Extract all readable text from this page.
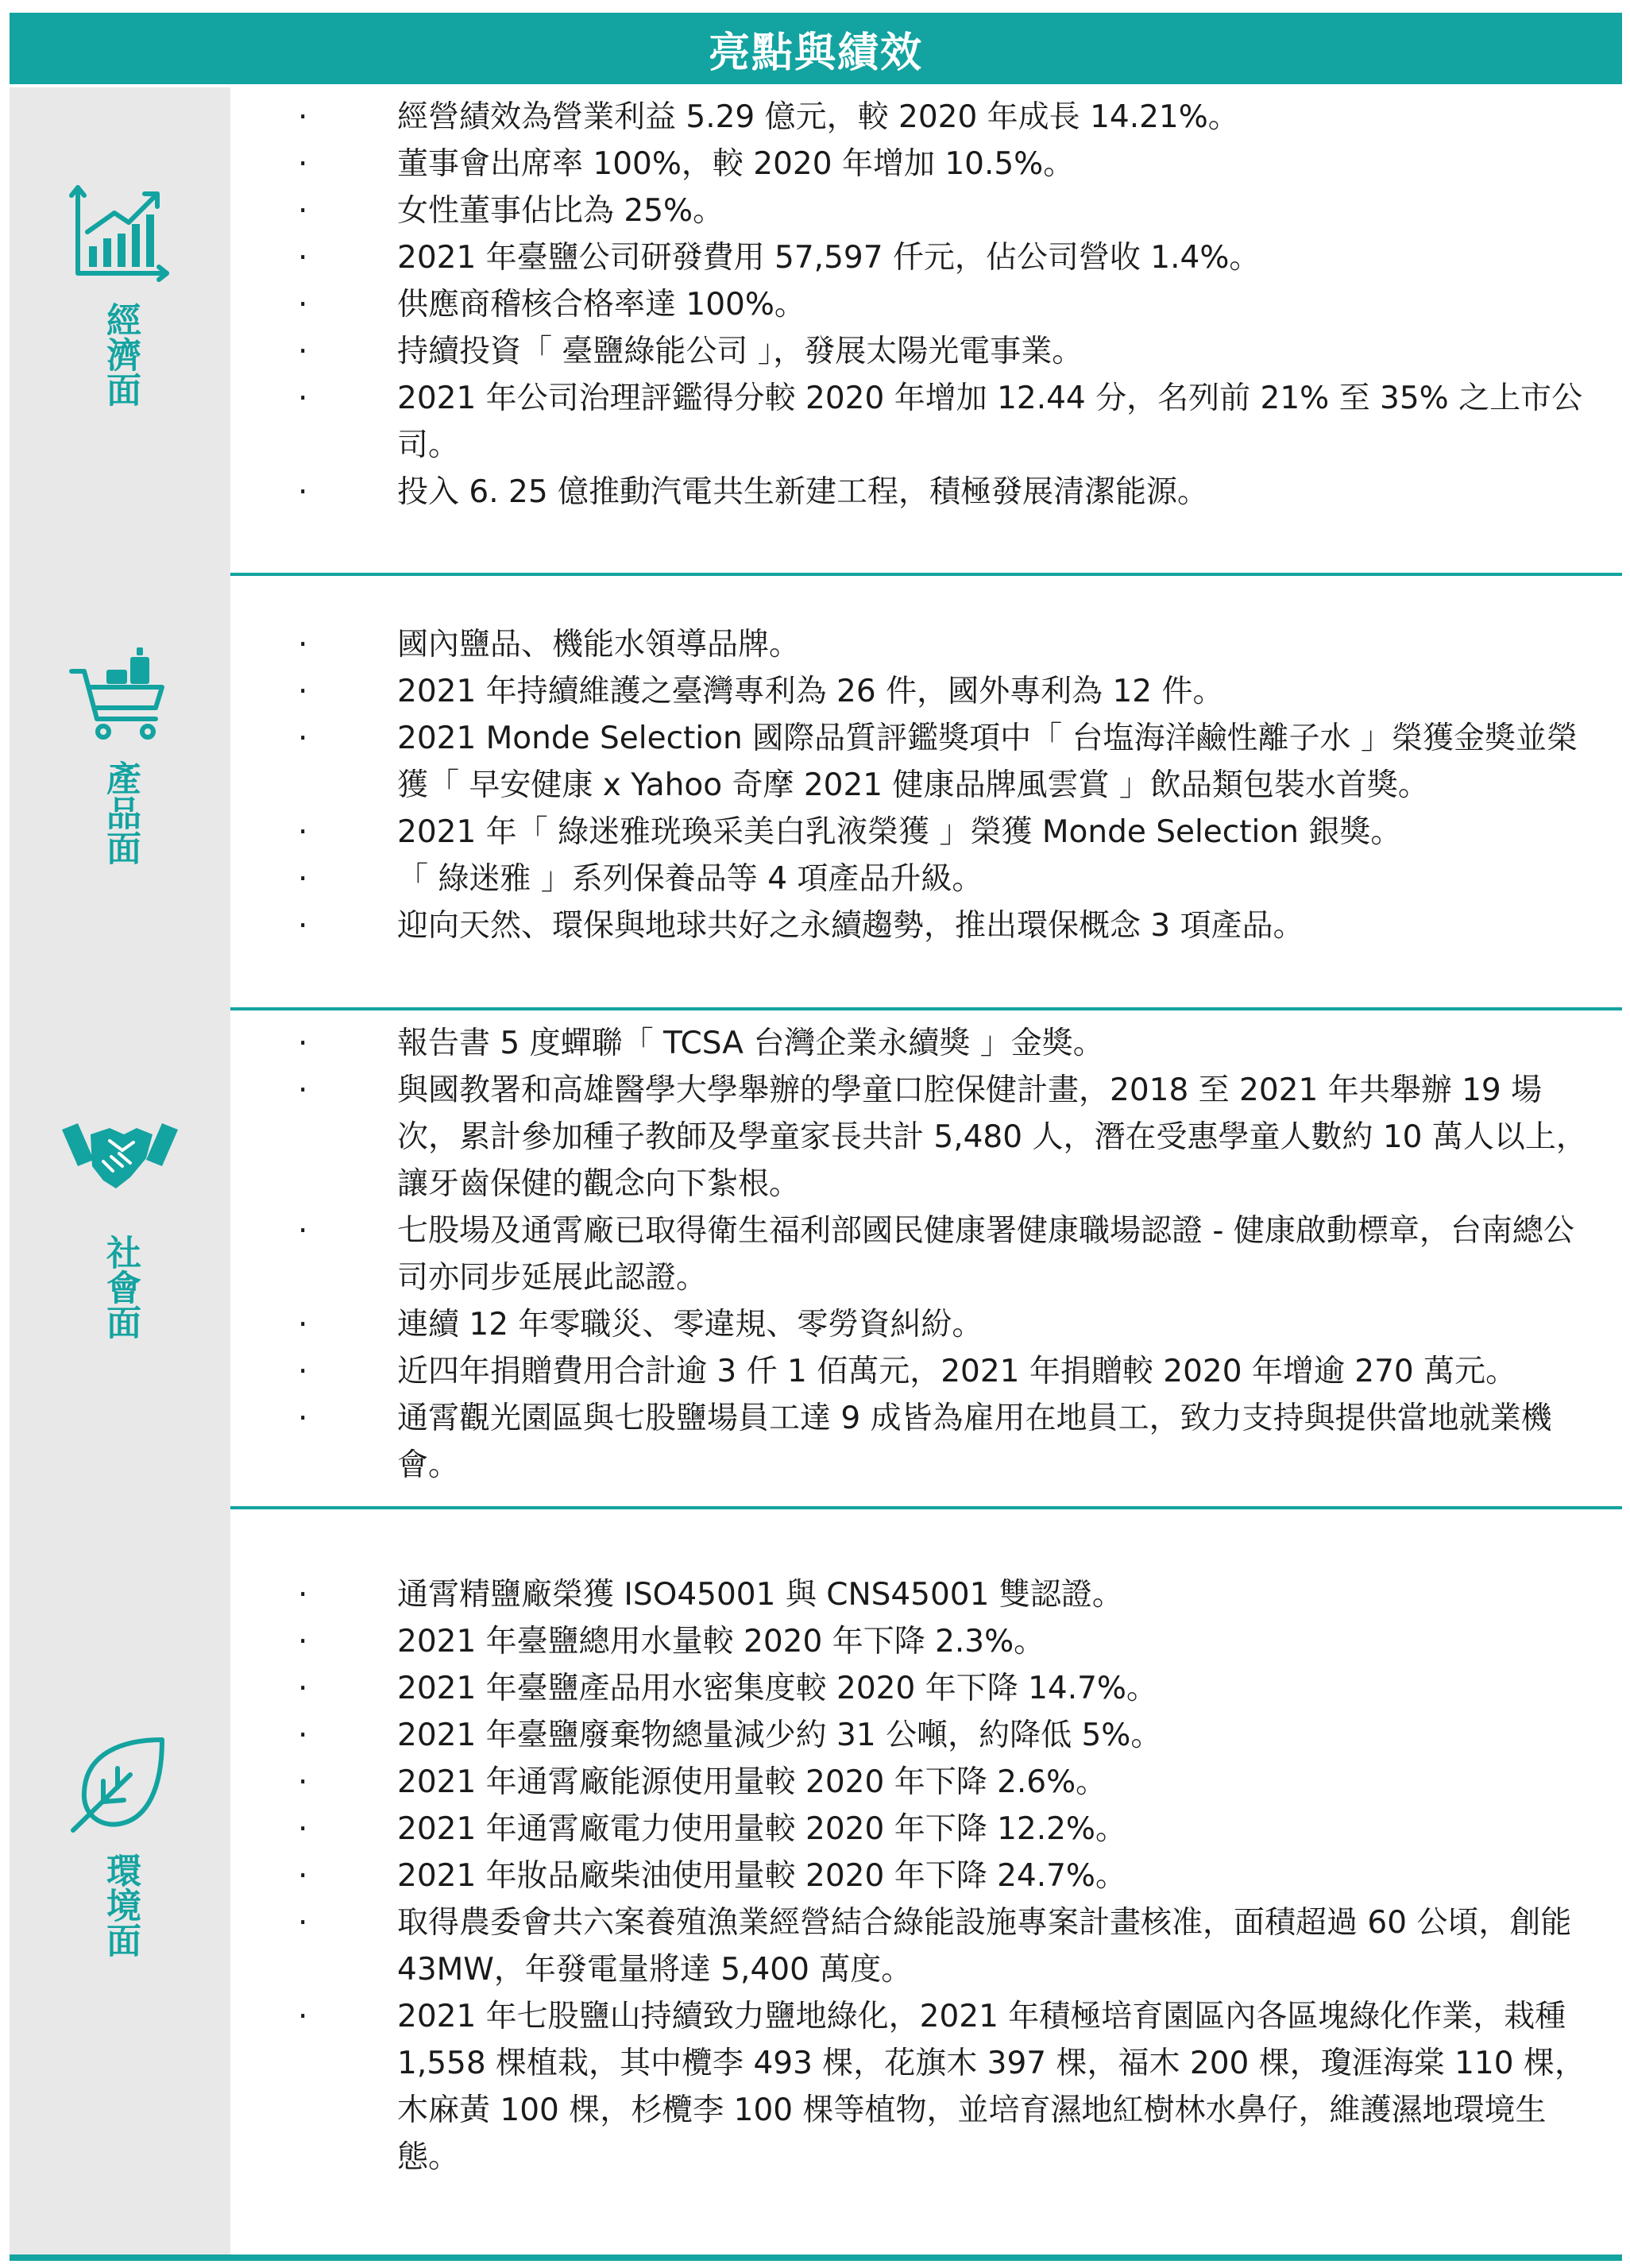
亮點與績效
經濟面
· 經營績效為營業利益 5.29 億元，較 2020 年成長 14.21%。
· 董事會出席率 100%，較 2020 年增加 10.5%。
· 女性董事佔比為 25%。
· 2021 年臺鹽公司研發費用 57,597 仟元，佔公司營收 1.4%。
· 供應商稽核合格率達 100%。
· 持續投資「 臺鹽綠能公司 」，發展太陽光電事業。
· 2021 年公司治理評鑑得分較 2020 年增加 12.44 分，名列前 21% 至 35% 之上市公司。
· 投入 6. 25 億推動汽電共生新建工程，積極發展清潔能源。
產品面
· 國內鹽品、機能水領導品牌。
· 2021 年持續維護之臺灣專利為 26 件，國外專利為 12 件。
· 2021 Monde Selection 國際品質評鑑獎項中「 台塩海洋鹼性離子水 」榮獲金獎並榮獲「 早安健康 x Yahoo 奇摩 2021 健康品牌風雲賞 」飲品類包裝水首獎。
· 2021 年「 綠迷雅珖瑍采美白乳液榮獲 」榮獲 Monde Selection 銀獎。
· 「 綠迷雅 」系列保養品等 4 項產品升級。
· 迎向天然、環保與地球共好之永續趨勢，推出環保概念 3 項產品。
社會面
· 報告書 5 度蟬聯「 TCSA 台灣企業永續獎 」金獎。
· 與國教署和高雄醫學大學舉辦的學童口腔保健計畫，2018 至 2021 年共舉辦 19 場次，累計參加種子教師及學童家長共計 5,480 人，潛在受惠學童人數約 10 萬人以上，讓牙齒保健的觀念向下紮根。
· 七股場及通霄廠已取得衛生福利部國民健康署健康職場認證 - 健康啟動標章，台南總公司亦同步延展此認證。
· 連續 12 年零職災、零違規、零勞資糾紛。
· 近四年捐贈費用合計逾 3 仟 1 佰萬元，2021 年捐贈較 2020 年增逾 270 萬元。
· 通霄觀光園區與七股鹽場員工達 9 成皆為雇用在地員工，致力支持與提供當地就業機會。
環境面
· 通霄精鹽廠榮獲 ISO45001 與 CNS45001 雙認證。
· 2021 年臺鹽總用水量較 2020 年下降 2.3%。
· 2021 年臺鹽產品用水密集度較 2020 年下降 14.7%。
· 2021 年臺鹽廢棄物總量減少約 31 公噸，約降低 5%。
· 2021 年通霄廠能源使用量較 2020 年下降 2.6%。
· 2021 年通霄廠電力使用量較 2020 年下降 12.2%。
· 2021 年妝品廠柴油使用量較 2020 年下降 24.7%。
· 取得農委會共六案養殖漁業經營結合綠能設施專案計畫核准，面積超過 60 公頃，創能 43MW，年發電量將達 5,400 萬度。
· 2021 年七股鹽山持續致力鹽地綠化，2021 年積極培育園區內各區塊綠化作業，栽種 1,558 棵植栽，其中欖李 493 棵，花旗木 397 棵，福木 200 棵，瓊涯海棠 110 棵，木麻黃 100 棵，杉欖李 100 棵等植物，並培育濕地紅樹林水鼻仔，維護濕地環境生態。
